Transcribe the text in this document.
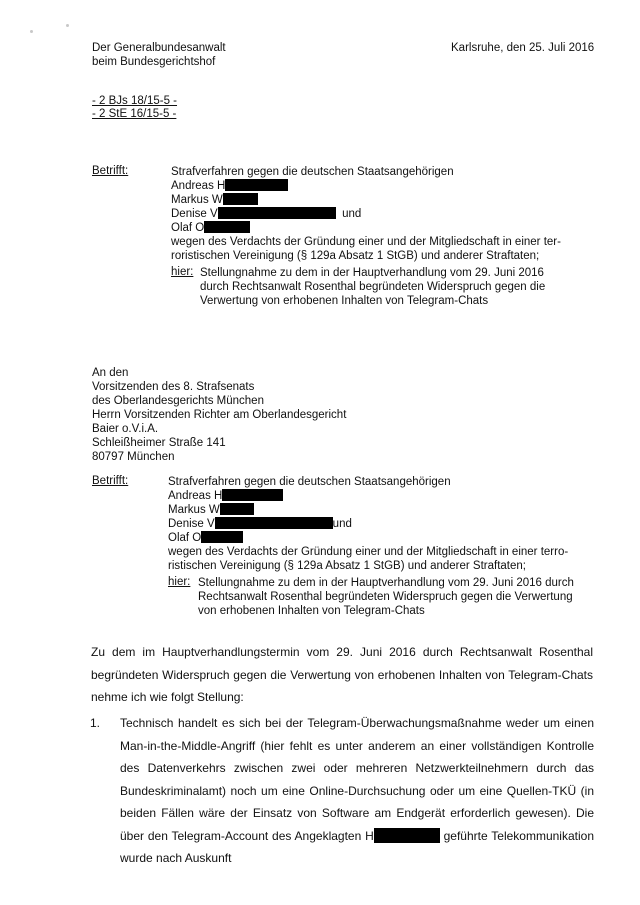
Der Generalbundesanwalt
beim Bundesgerichtshof
Karlsruhe, den 25. Juli 2016
- 2 BJs 18/15-5 -
- 2 StE 16/15-5 -
Betrifft:	Strafverfahren gegen die deutschen Staatsangehörigen
Andreas H
Markus W
Denise V	und
Olaf O
wegen des Verdachts der Gründung einer und der Mitgliedschaft in einer ter-
roristischen Vereinigung (§ 129a Absatz 1 StGB) und anderer Straftaten;
hier: Stellungnahme zu dem in der Hauptverhandlung vom 29. Juni 2016
durch Rechtsanwalt Rosenthal begründeten Widerspruch gegen die
Verwertung von erhobenen Inhalten von Telegram-Chats
An den
Vorsitzenden des 8. Strafsenats
des Oberlandesgerichts München
Herrn Vorsitzenden Richter am Oberlandesgericht
Baier o.V.i.A.
Schleißheimer Straße 141
80797 München
Betrifft:	Strafverfahren gegen die deutschen Staatsangehörigen
Andreas H
Markus W
Denise V	und
Olaf O
wegen des Verdachts der Gründung einer und der Mitgliedschaft in einer terro-
ristischen Vereinigung (§ 129a Absatz 1 StGB) und anderer Straftaten;
hier: Stellungnahme zu dem in der Hauptverhandlung vom 29. Juni 2016 durch
Rechtsanwalt Rosenthal begründeten Widerspruch gegen die Verwertung
von erhobenen Inhalten von Telegram-Chats
Zu dem im Hauptverhandlungstermin vom 29. Juni 2016 durch Rechtsanwalt Rosenthal begründeten Widerspruch gegen die Verwertung von erhobenen Inhalten von Telegram-Chats nehme ich wie folgt Stellung:
1. Technisch handelt es sich bei der Telegram-Überwachungsmaßnahme weder um einen Man-in-the-Middle-Angriff (hier fehlt es unter anderem an einer vollständigen Kontrolle des Datenverkehrs zwischen zwei oder mehreren Netzwerkteilnehmern durch das Bundeskriminalamt) noch um eine Online-Durchsuchung oder um eine Quellen-TKÜ (in beiden Fällen wäre der Einsatz von Software am Endgerät erforderlich gewesen). Die über den Telegram-Account des Angeklagten H	geführte Telekommunikation wurde nach Auskunft
